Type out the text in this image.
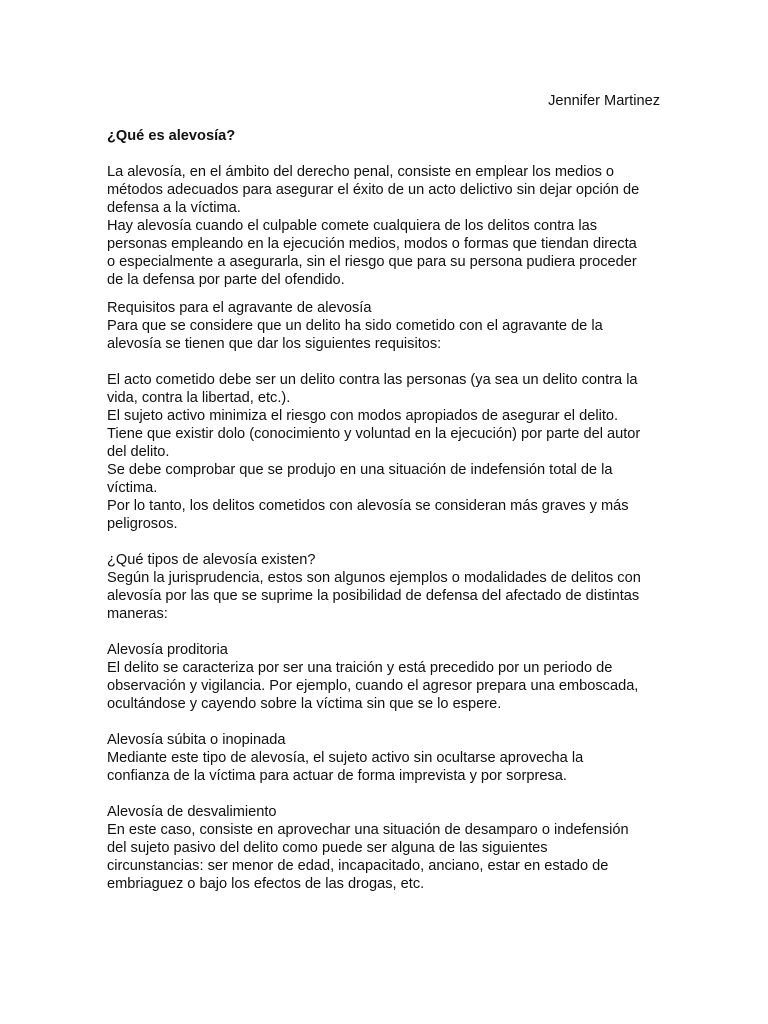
Jennifer Martinez
¿Qué es alevosía?
La alevosía, en el ámbito del derecho penal, consiste en emplear los medios o
métodos adecuados para asegurar el éxito de un acto delictivo sin dejar opción de
defensa a la víctima.
Hay alevosía cuando el culpable comete cualquiera de los delitos contra las
personas empleando en la ejecución medios, modos o formas que tiendan directa
o especialmente a asegurarla, sin el riesgo que para su persona pudiera proceder
de la defensa por parte del ofendido.
Requisitos para el agravante de alevosía
Para que se considere que un delito ha sido cometido con el agravante de la
alevosía se tienen que dar los siguientes requisitos:
El acto cometido debe ser un delito contra las personas (ya sea un delito contra la
vida, contra la libertad, etc.).
El sujeto activo minimiza el riesgo con modos apropiados de asegurar el delito.
Tiene que existir dolo (conocimiento y voluntad en la ejecución) por parte del autor
del delito.
Se debe comprobar que se produjo en una situación de indefensión total de la
víctima.
Por lo tanto, los delitos cometidos con alevosía se consideran más graves y más
peligrosos.
¿Qué tipos de alevosía existen?
Según la jurisprudencia, estos son algunos ejemplos o modalidades de delitos con
alevosía por las que se suprime la posibilidad de defensa del afectado de distintas
maneras:
Alevosía proditoria
El delito se caracteriza por ser una traición y está precedido por un periodo de
observación y vigilancia. Por ejemplo, cuando el agresor prepara una emboscada,
ocultándose y cayendo sobre la víctima sin que se lo espere.
Alevosía súbita o inopinada
Mediante este tipo de alevosía, el sujeto activo sin ocultarse aprovecha la
confianza de la víctima para actuar de forma imprevista y por sorpresa.
Alevosía de desvalimiento
En este caso, consiste en aprovechar una situación de desamparo o indefensión
del sujeto pasivo del delito como puede ser alguna de las siguientes
circunstancias: ser menor de edad, incapacitado, anciano, estar en estado de
embriaguez o bajo los efectos de las drogas, etc.
